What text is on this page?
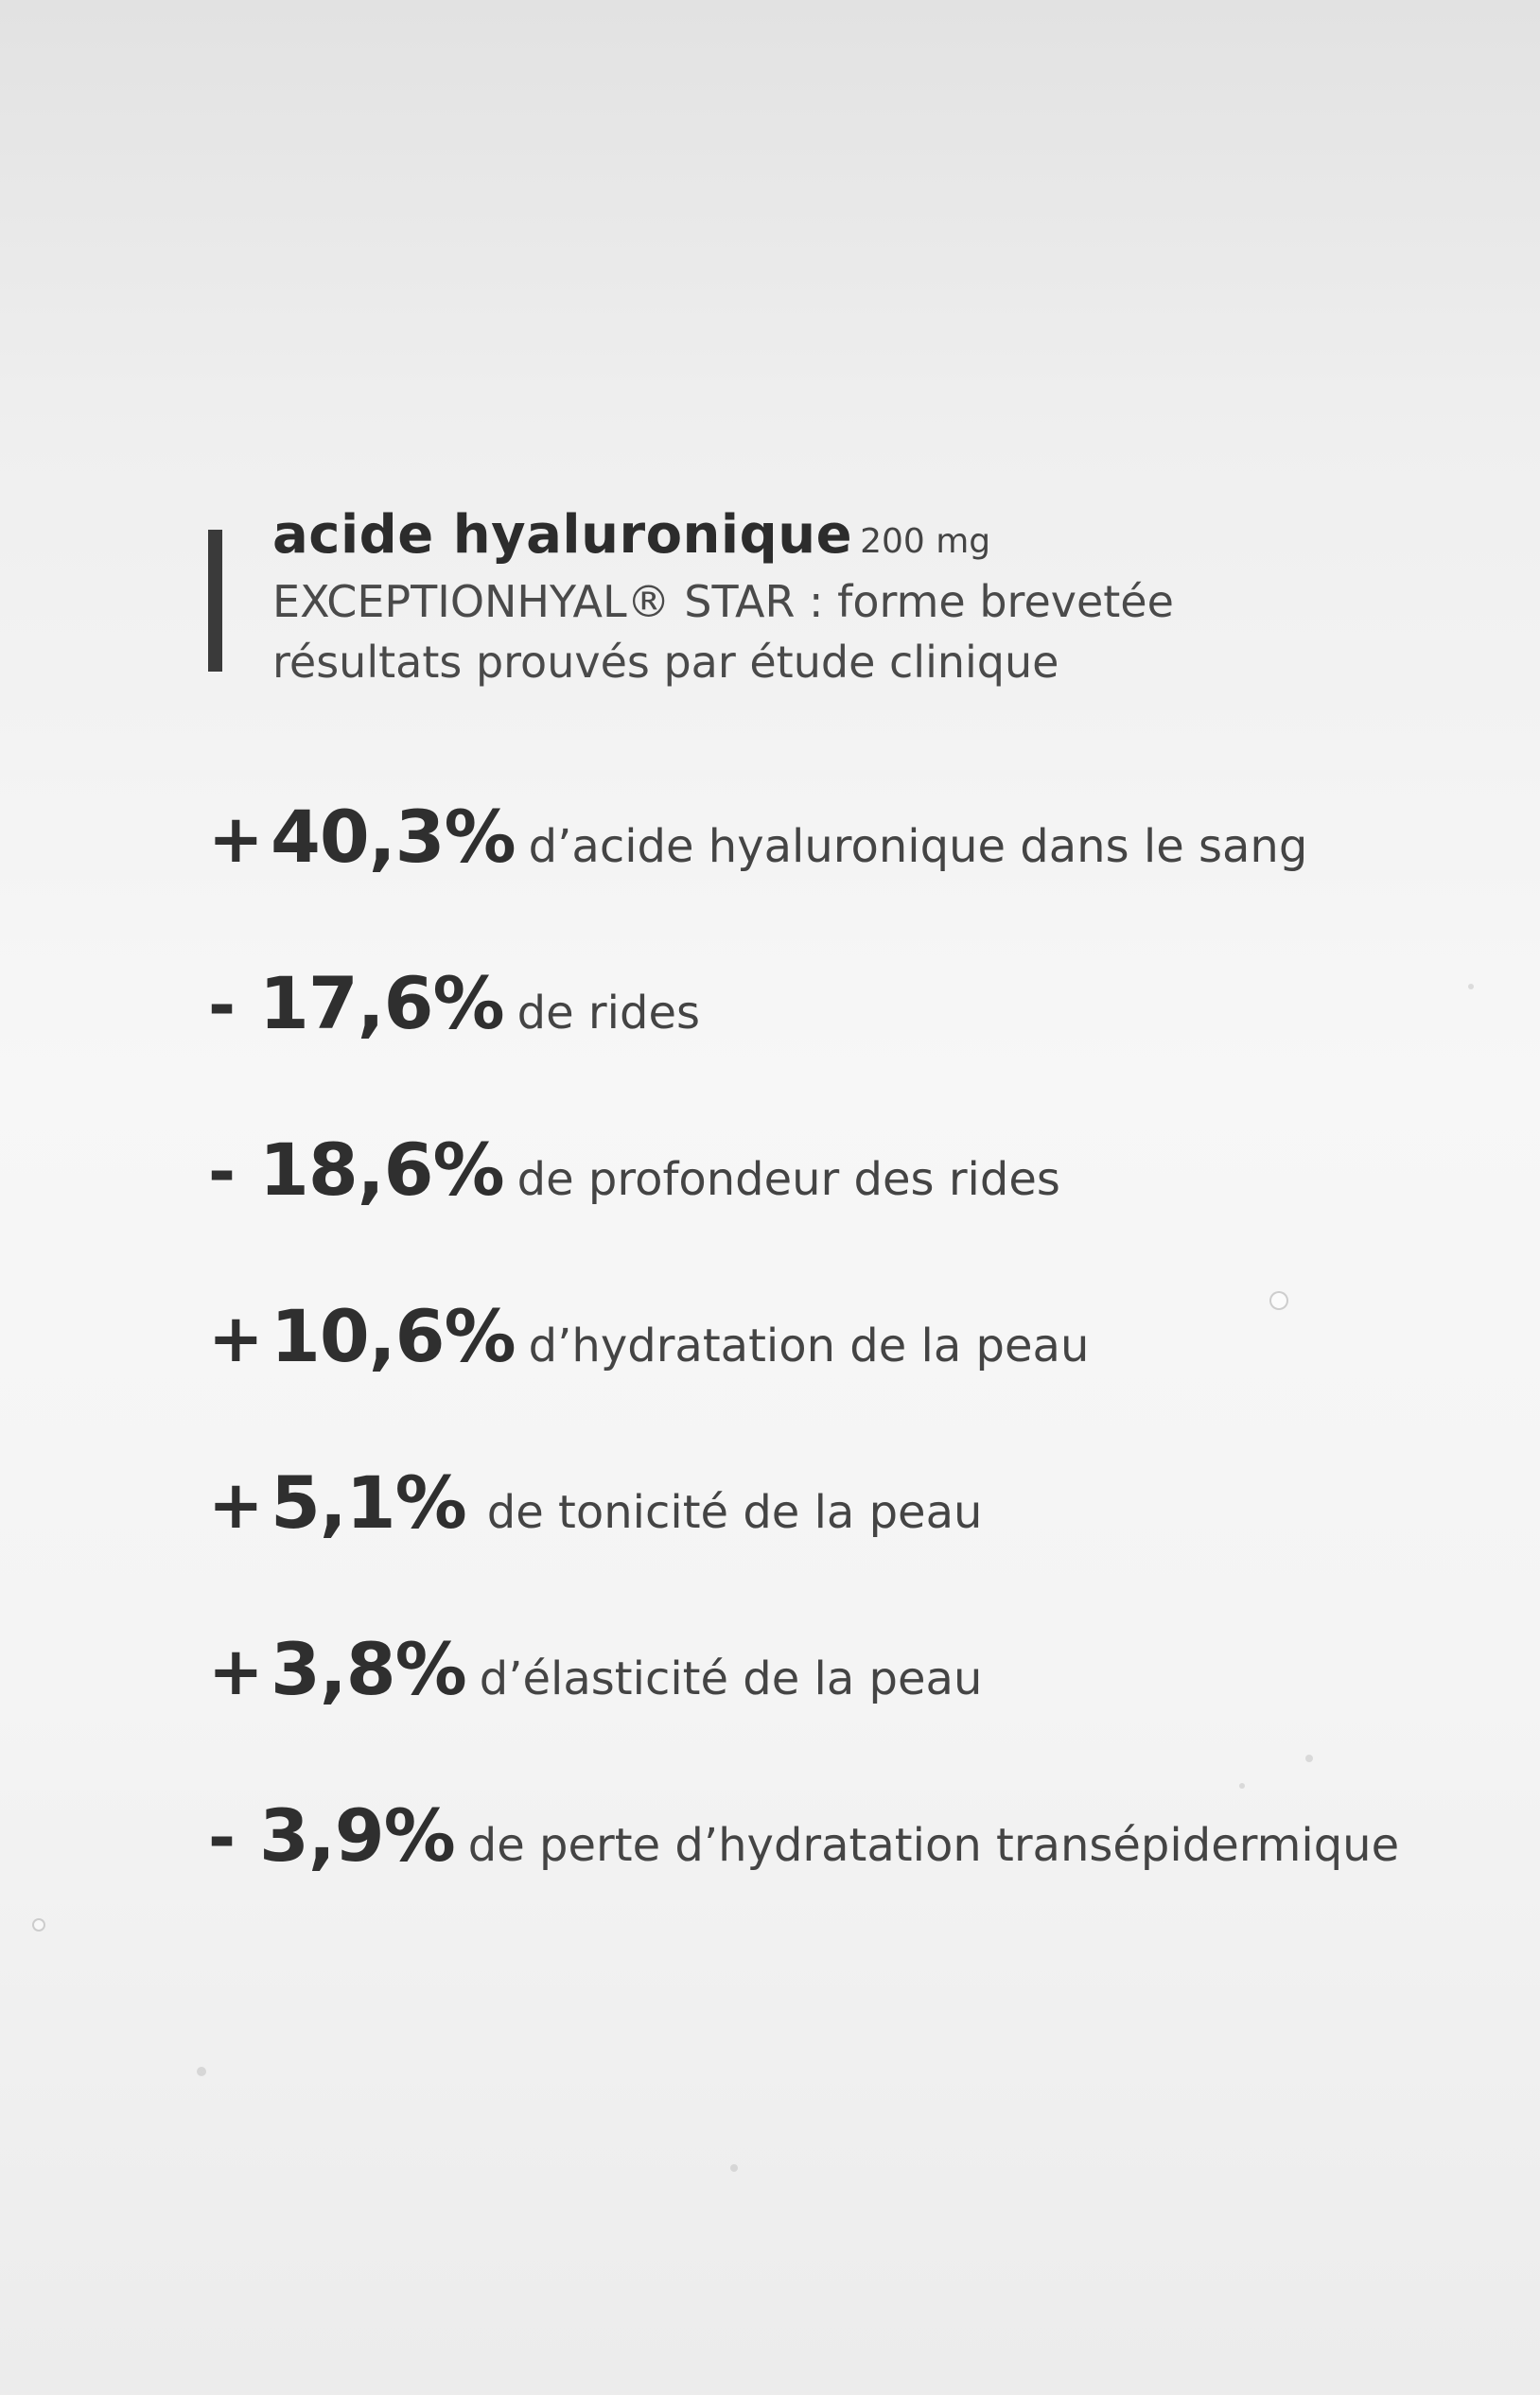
acide hyaluronique 200 mg
EXCEPTIONHYAL® STAR : forme brevetée
résultats prouvés par étude clinique
+ 40,3% d’acide hyaluronique dans le sang
- 17,6% de rides
- 18,6% de profondeur des rides
+ 10,6% d’hydratation de la peau
+ 5,1% de tonicité de la peau
+ 3,8% d’élasticité de la peau
- 3,9% de perte d’hydratation transépidermique
